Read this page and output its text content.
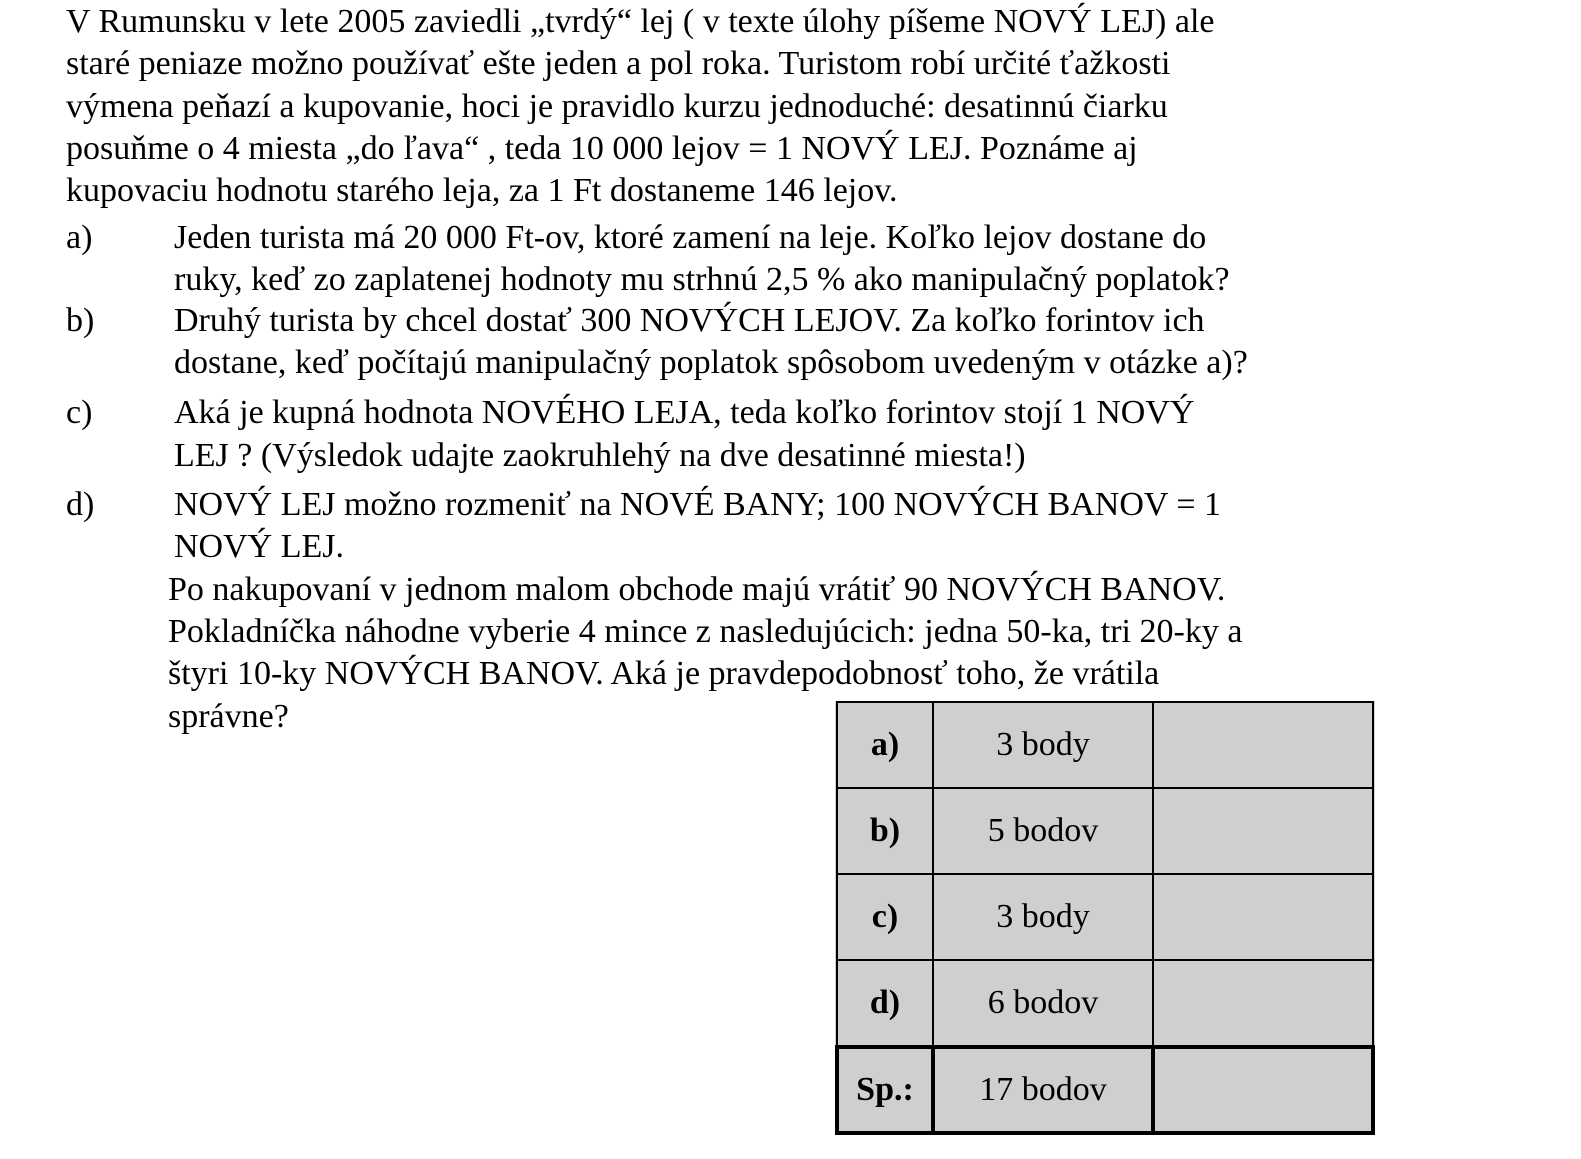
V Rumunsku v lete 2005 zaviedli „tvrdý“ lej ( v texte úlohy píšeme NOVÝ LEJ) ale
staré peniaze možno používať ešte jeden a pol roka. Turistom robí určité ťažkosti
výmena peňazí a kupovanie, hoci je pravidlo kurzu jednoduché: desatinnú čiarku
posuňme o 4 miesta „do ľava“ , teda 10 000 lejov = 1 NOVÝ LEJ. Poznáme aj
kupovaciu hodnotu starého leja, za 1 Ft dostaneme 146 lejov.
a) Jeden turista má 20 000 Ft-ov, ktoré zamení na leje. Koľko lejov dostane do
ruky, keď zo zaplatenej hodnoty mu strhnú 2,5 % ako manipulačný poplatok?
b) Druhý turista by chcel dostať 300 NOVÝCH LEJOV. Za koľko forintov ich
dostane, keď počítajú manipulačný poplatok spôsobom uvedeným v otázke a)?
c) Aká je kupná hodnota NOVÉHO LEJA, teda koľko forintov stojí 1 NOVÝ
LEJ ? (Výsledok udajte zaokruhlehý na dve desatinné miesta!)
d) NOVÝ LEJ možno rozmeniť na NOVÉ BANY; 100 NOVÝCH BANOV = 1
NOVÝ LEJ.
Po nakupovaní v jednom malom obchode majú vrátiť 90 NOVÝCH BANOV.
Pokladníčka náhodne vyberie 4 mince z nasledujúcich: jedna 50-ka, tri 20-ky a
štyri 10-ky NOVÝCH BANOV. Aká je pravdepodobnosť toho, že vrátila
správne?
a)	3 body	
b)	5 bodov	
c)	3 body	
d)	6 bodov	
Sp.:	17 bodov	
